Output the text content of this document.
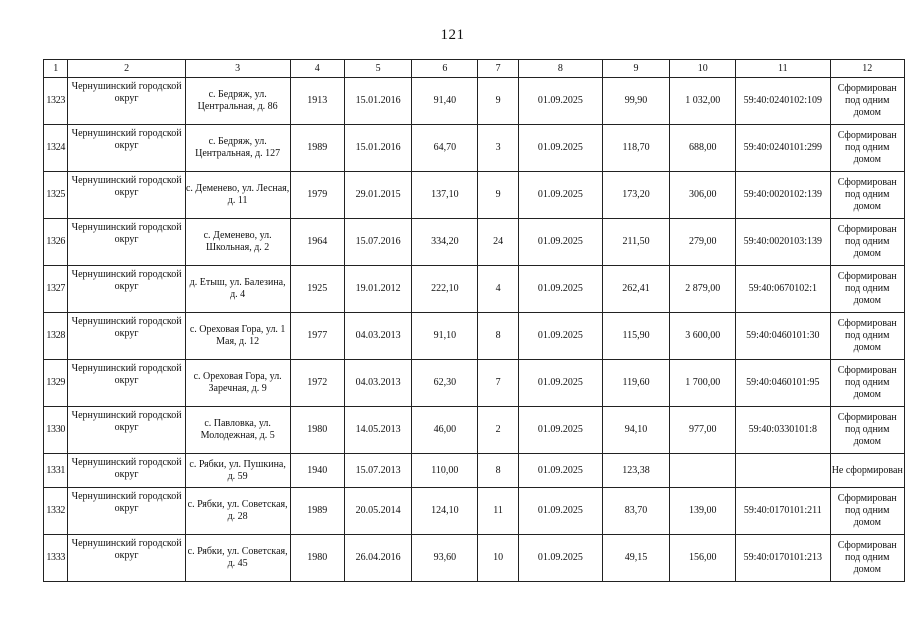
121
1	2	3	4	5	6	7	8	9	10	11	12
1323	Чернушинский городской округ	с. Бедряж, ул. Центральная, д. 86	1913	15.01.2016	91,40	9	01.09.2025	99,90	1 032,00	59:40:0240102:109	Сформирован под одним домом
1324	Чернушинский городской округ	с. Бедряж, ул. Центральная, д. 127	1989	15.01.2016	64,70	3	01.09.2025	118,70	688,00	59:40:0240101:299	Сформирован под одним домом
1325	Чернушинский городской округ	с. Деменево, ул. Лесная, д. 11	1979	29.01.2015	137,10	9	01.09.2025	173,20	306,00	59:40:0020102:139	Сформирован под одним домом
1326	Чернушинский городской округ	с. Деменево, ул. Школьная, д. 2	1964	15.07.2016	334,20	24	01.09.2025	211,50	279,00	59:40:0020103:139	Сформирован под одним домом
1327	Чернушинский городской округ	д. Етыш, ул. Балезина, д. 4	1925	19.01.2012	222,10	4	01.09.2025	262,41	2 879,00	59:40:0670102:1	Сформирован под одним домом
1328	Чернушинский городской округ	с. Ореховая Гора, ул. 1 Мая, д. 12	1977	04.03.2013	91,10	8	01.09.2025	115,90	3 600,00	59:40:0460101:30	Сформирован под одним домом
1329	Чернушинский городской округ	с. Ореховая Гора, ул. Заречная, д. 9	1972	04.03.2013	62,30	7	01.09.2025	119,60	1 700,00	59:40:0460101:95	Сформирован под одним домом
1330	Чернушинский городской округ	с. Павловка, ул. Молодежная, д. 5	1980	14.05.2013	46,00	2	01.09.2025	94,10	977,00	59:40:0330101:8	Сформирован под одним домом
1331	Чернушинский городской округ	с. Рябки, ул. Пушкина, д. 59	1940	15.07.2013	110,00	8	01.09.2025	123,38			Не сформирован
1332	Чернушинский городской округ	с. Рябки, ул. Советская, д. 28	1989	20.05.2014	124,10	11	01.09.2025	83,70	139,00	59:40:0170101:211	Сформирован под одним домом
1333	Чернушинский городской округ	с. Рябки, ул. Советская, д. 45	1980	26.04.2016	93,60	10	01.09.2025	49,15	156,00	59:40:0170101:213	Сформирован под одним домом
